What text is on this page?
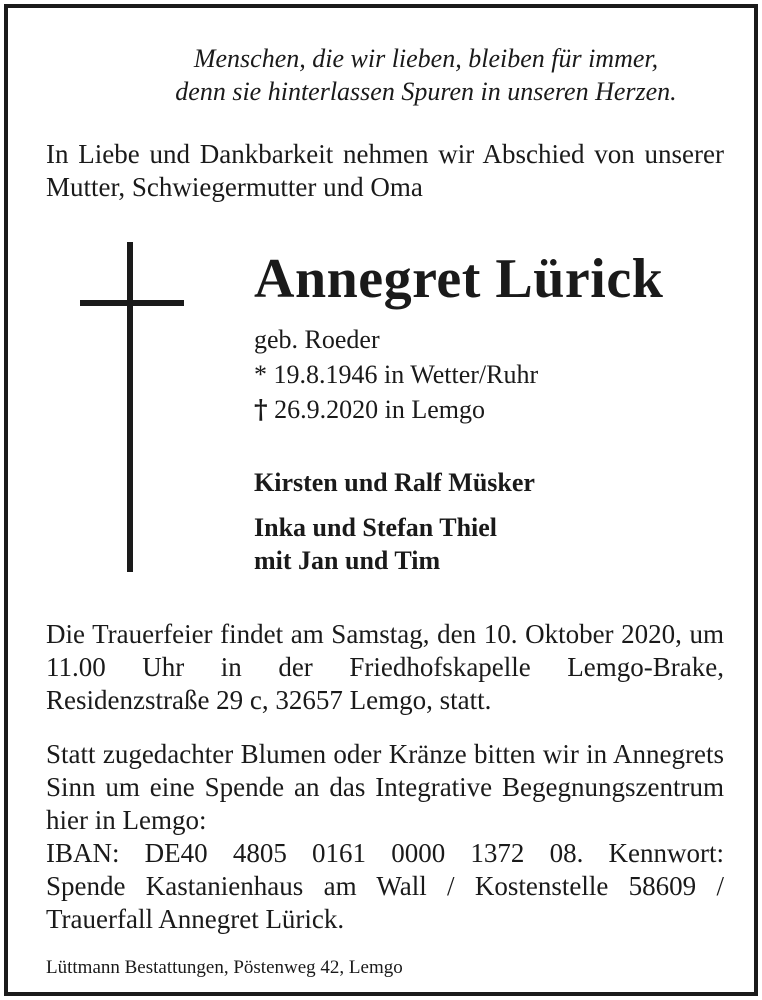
Menschen, die wir lieben, bleiben für immer,
denn sie hinterlassen Spuren in unseren Herzen.
In Liebe und Dankbarkeit nehmen wir Abschied von unserer Mutter, Schwiegermutter und Oma
Annegret Lürick
geb. Roeder
* 19.8.1946 in Wetter/Ruhr
† 26.9.2020 in Lemgo
Kirsten und Ralf Müsker
Inka und Stefan Thiel
mit Jan und Tim
Die Trauerfeier findet am Samstag, den 10. Oktober 2020, um 11.00 Uhr in der Friedhofskapelle Lemgo-Brake, Residenzstraße 29 c, 32657 Lemgo, statt.
Statt zugedachter Blumen oder Kränze bitten wir in Annegrets Sinn um eine Spende an das Integrative Begegnungszentrum hier in Lemgo:
IBAN: DE40 4805 0161 0000 1372 08. Kennwort:
Spende Kastanienhaus am Wall / Kostenstelle 58609 /
Trauerfall Annegret Lürick.
Lüttmann Bestattungen, Pöstenweg 42, Lemgo
